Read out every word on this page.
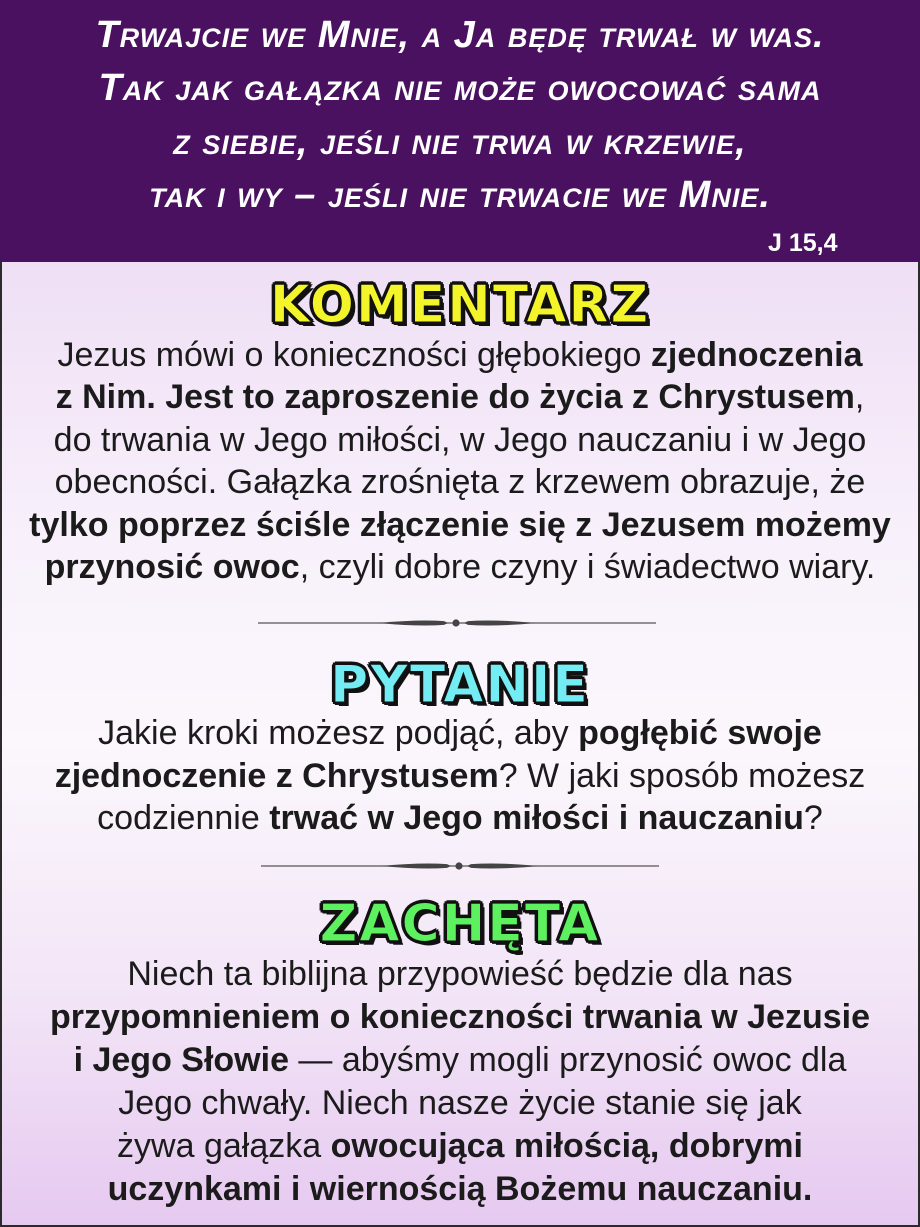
Trwajcie we Mnie, a Ja będę trwał w was.
Tak jak gałązka nie może owocować sama
z siebie, jeśli nie trwa w krzewie,
tak i wy – jeśli nie trwacie we Mnie.
J 15,4
KOMENTARZ
Jezus mówi o konieczności głębokiego zjednoczenia
z Nim. Jest to zaproszenie do życia z Chrystusem,
do trwania w Jego miłości, w Jego nauczaniu i w Jego
obecności. Gałązka zrośnięta z krzewem obrazuje, że
tylko poprzez ściśle złączenie się z Jezusem możemy
przynosić owoc, czyli dobre czyny i świadectwo wiary.
PYTANIE
Jakie kroki możesz podjąć, aby pogłębić swoje
zjednoczenie z Chrystusem? W jaki sposób możesz
codziennie trwać w Jego miłości i nauczaniu?
ZACHĘTA
Niech ta biblijna przypowieść będzie dla nas
przypomnieniem o konieczności trwania w Jezusie
i Jego Słowie — abyśmy mogli przynosić owoc dla
Jego chwały. Niech nasze życie stanie się jak
żywa gałązka owocująca miłością, dobrymi
uczynkami i wiernością Bożemu nauczaniu.
